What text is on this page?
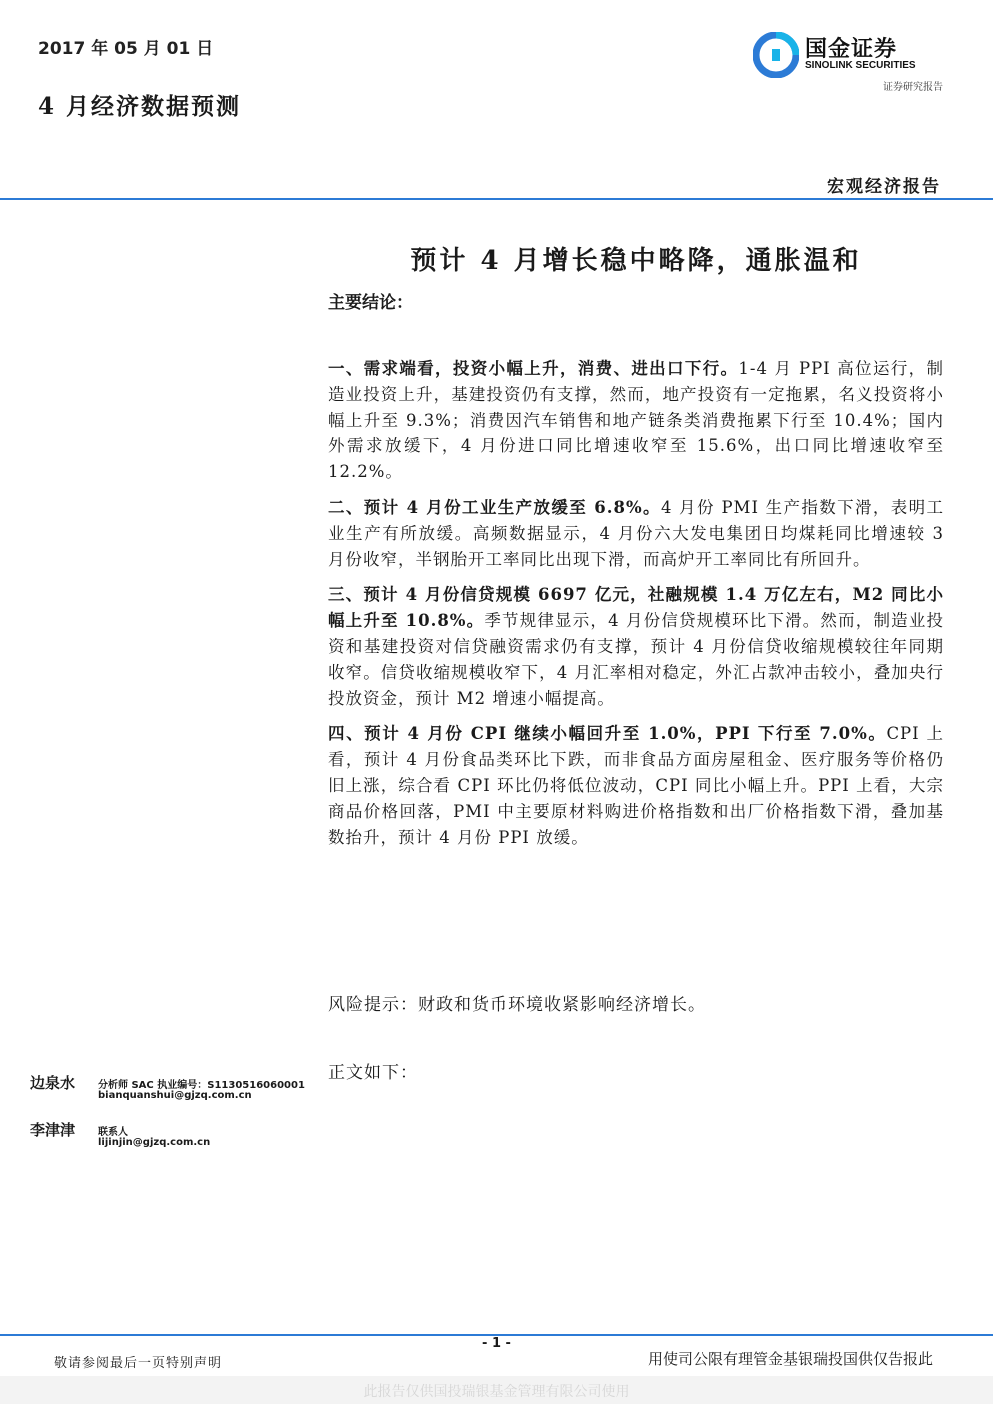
2017 年 05 月 01 日
4 月经济数据预测
国金证券
SINOLINK SECURITIES
证券研究报告
宏观经济报告
预计 4 月增长稳中略降，通胀温和
主要结论：

一、需求端看，投资小幅上升，消费、进出口下行。1-4 月 PPI 高位运行，制造业投资上升，基建投资仍有支撑，然而，地产投资有一定拖累，名义投资将小幅上升至 9.3%；消费因汽车销售和地产链条类消费拖累下行至 10.4%；国内外需求放缓下，4 月份进口同比增速收窄至 15.6%，出口同比增速收窄至 12.2%。

二、预计 4 月份工业生产放缓至 6.8%。4 月份 PMI 生产指数下滑，表明工业生产有所放缓。高频数据显示，4 月份六大发电集团日均煤耗同比增速较 3 月份收窄，半钢胎开工率同比出现下滑，而高炉开工率同比有所回升。

三、预计 4 月份信贷规模 6697 亿元，社融规模 1.4 万亿左右，M2 同比小幅上升至 10.8%。季节规律显示，4 月份信贷规模环比下滑。然而，制造业投资和基建投资对信贷融资需求仍有支撑，预计 4 月份信贷收缩规模较往年同期收窄。信贷收缩规模收窄下，4 月汇率相对稳定，外汇占款冲击较小，叠加央行投放资金，预计 M2 增速小幅提高。

四、预计 4 月份 CPI 继续小幅回升至 1.0%，PPI 下行至 7.0%。CPI 上看，预计 4 月份食品类环比下跌，而非食品方面房屋租金、医疗服务等价格仍旧上涨，综合看 CPI 环比仍将低位波动，CPI 同比小幅上升。PPI 上看，大宗商品价格回落，PMI 中主要原材料购进价格指数和出厂价格指数下滑，叠加基数抬升，预计 4 月份 PPI 放缓。

风险提示：财政和货币环境收紧影响经济增长。
正文如下：
边泉水 分析师 SAC 执业编号：S1130516060001
bianquanshui@gjzq.com.cn
李津津 联系人
lijinjin@gjzq.com.cn
- 1 -
敬请参阅最后一页特别声明	用使司公限有理管金基银瑞投国供仅告报此
此报告仅供国投瑞银基金管理有限公司使用
